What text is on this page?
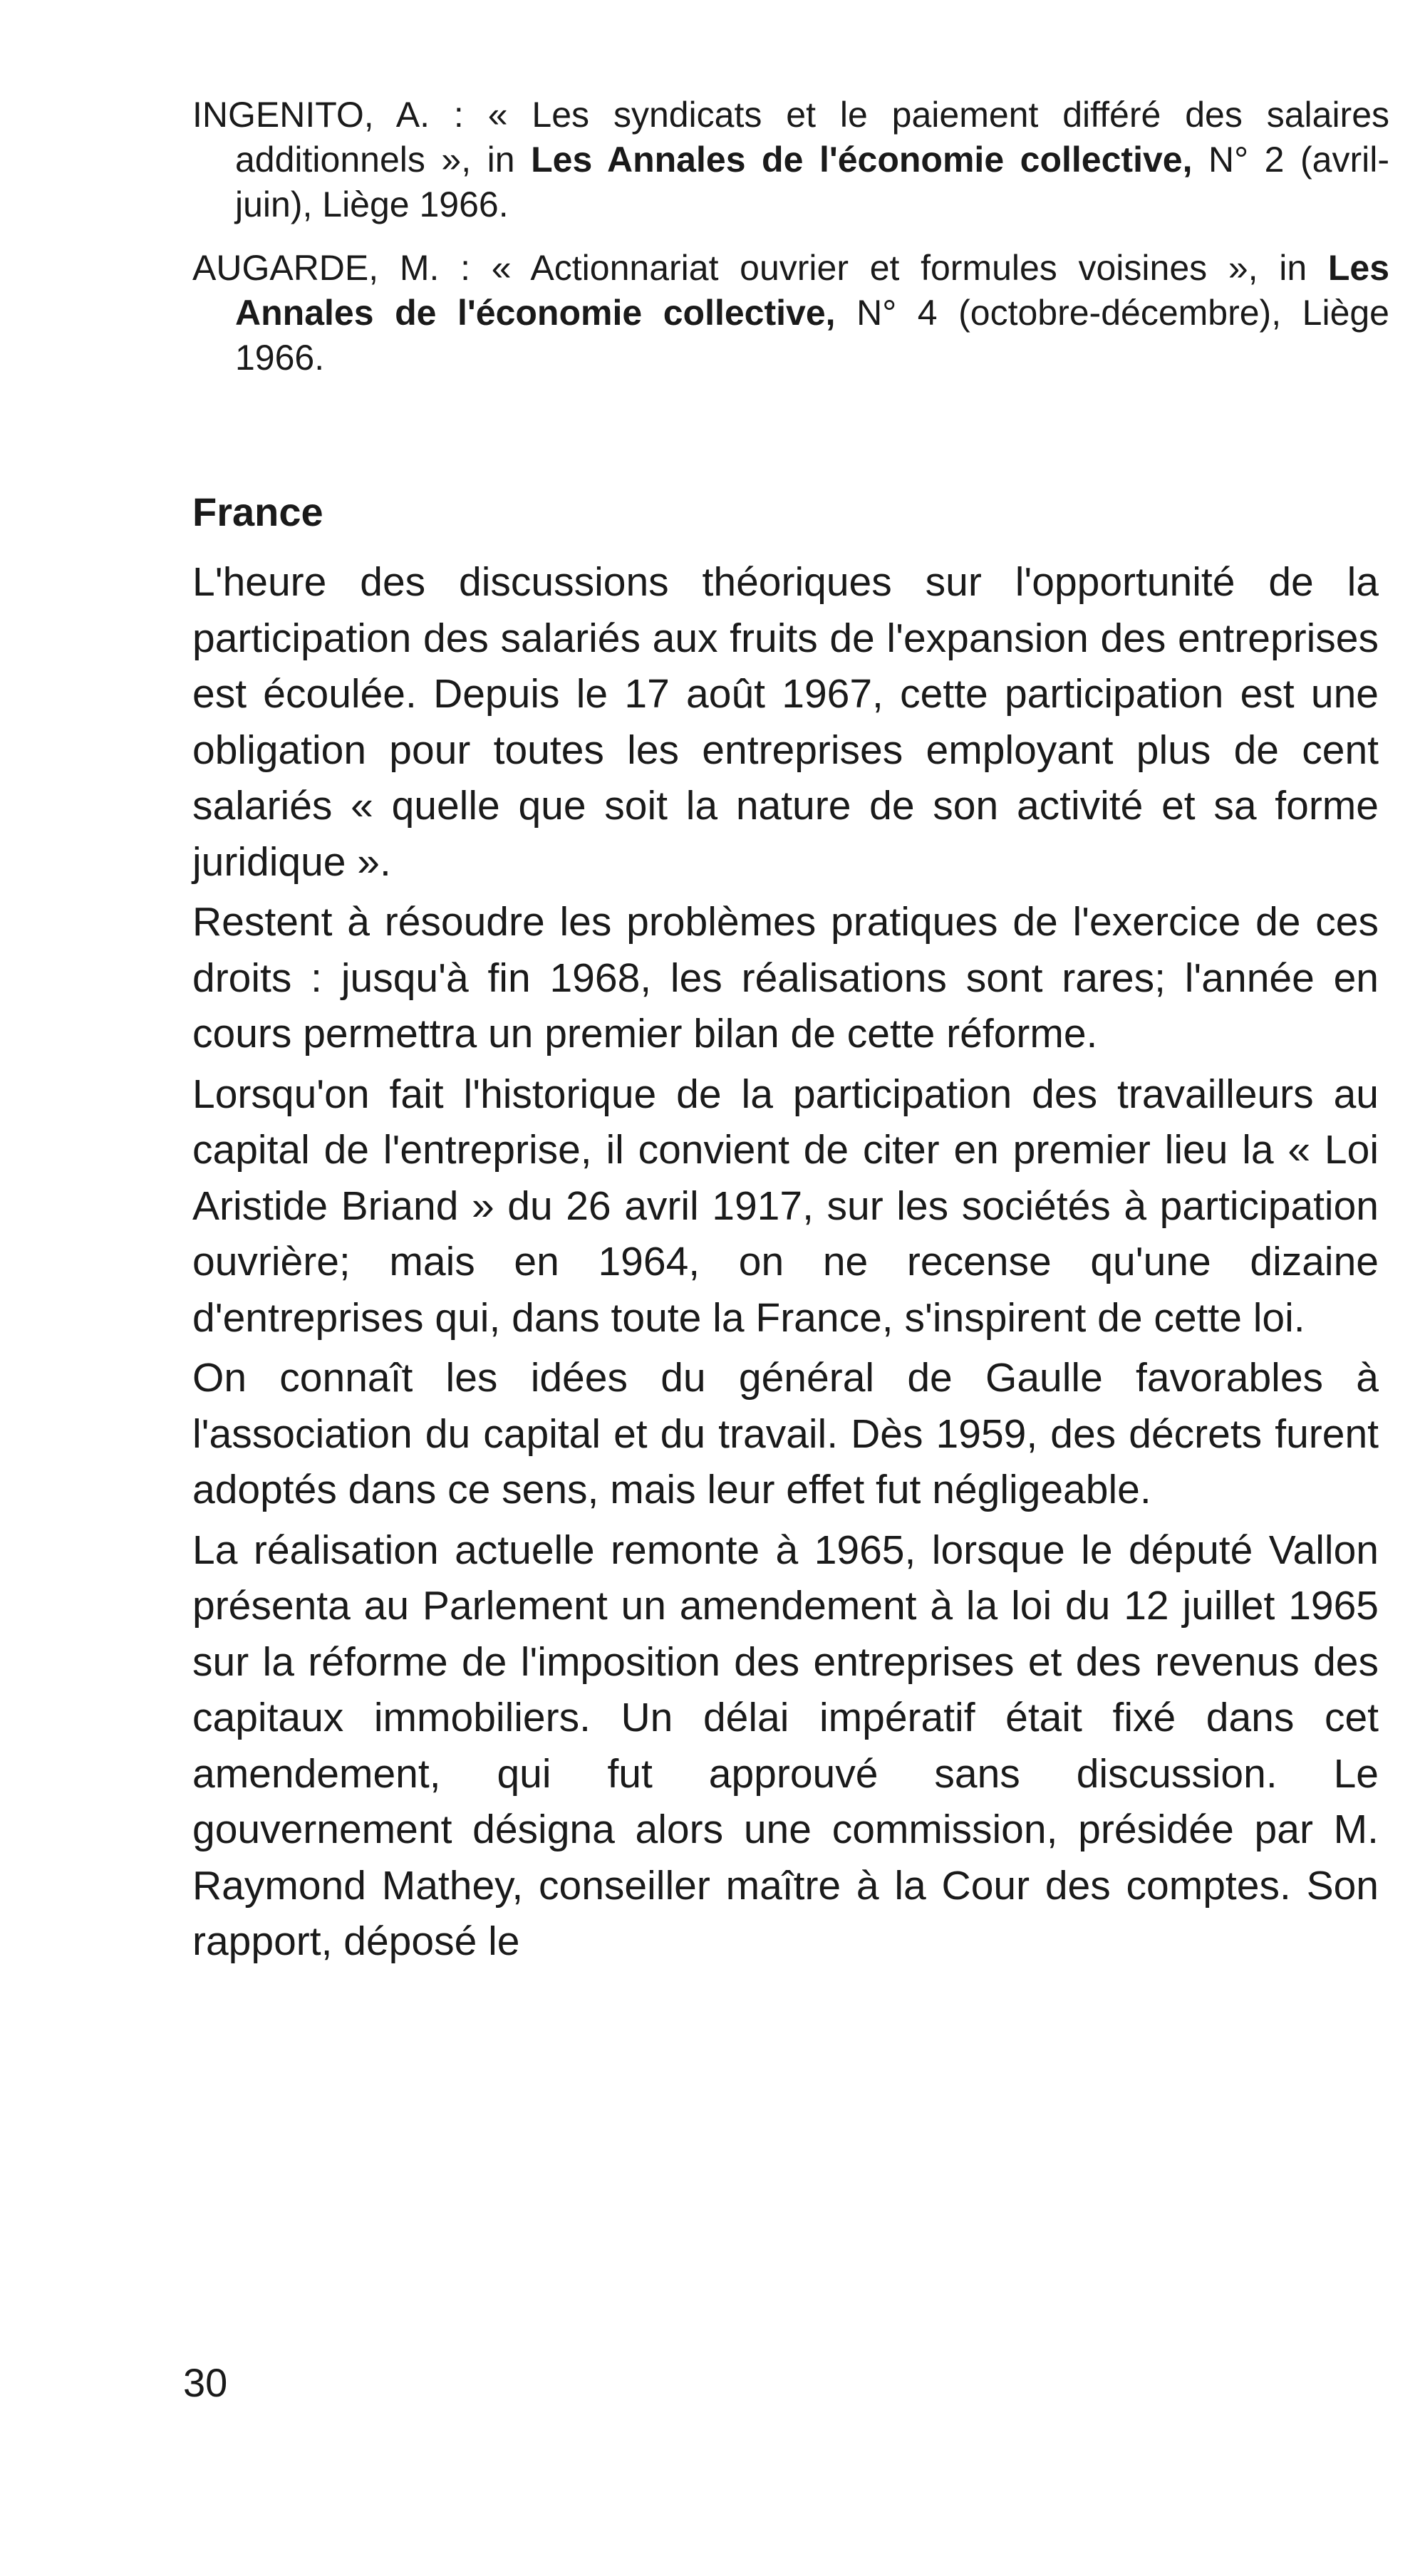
INGENITO, A. : « Les syndicats et le paiement différé des salaires additionnels », in Les Annales de l'économie collective, N° 2 (avril-juin), Liège 1966.

AUGARDE, M. : « Actionnariat ouvrier et formules voisines », in Les Annales de l'économie collective, N° 4 (octobre-décembre), Liège 1966.

France

L'heure des discussions théoriques sur l'opportunité de la participation des salariés aux fruits de l'expansion des entreprises est écoulée. Depuis le 17 août 1967, cette participation est une obligation pour toutes les entreprises employant plus de cent salariés « quelle que soit la nature de son activité et sa forme juridique ».

Restent à résoudre les problèmes pratiques de l'exercice de ces droits : jusqu'à fin 1968, les réalisations sont rares; l'année en cours permettra un premier bilan de cette réforme.

Lorsqu'on fait l'historique de la participation des travailleurs au capital de l'entreprise, il convient de citer en premier lieu la « Loi Aristide Briand » du 26 avril 1917, sur les sociétés à participation ouvrière; mais en 1964, on ne recense qu'une dizaine d'entreprises qui, dans toute la France, s'inspirent de cette loi.

On connaît les idées du général de Gaulle favorables à l'association du capital et du travail. Dès 1959, des décrets furent adoptés dans ce sens, mais leur effet fut négligeable.

La réalisation actuelle remonte à 1965, lorsque le député Vallon présenta au Parlement un amendement à la loi du 12 juillet 1965 sur la réforme de l'imposition des entreprises et des revenus des capitaux immobiliers. Un délai impératif était fixé dans cet amendement, qui fut approuvé sans discussion. Le gouvernement désigna alors une commission, présidée par M. Raymond Mathey, conseiller maître à la Cour des comptes. Son rapport, déposé le

30
